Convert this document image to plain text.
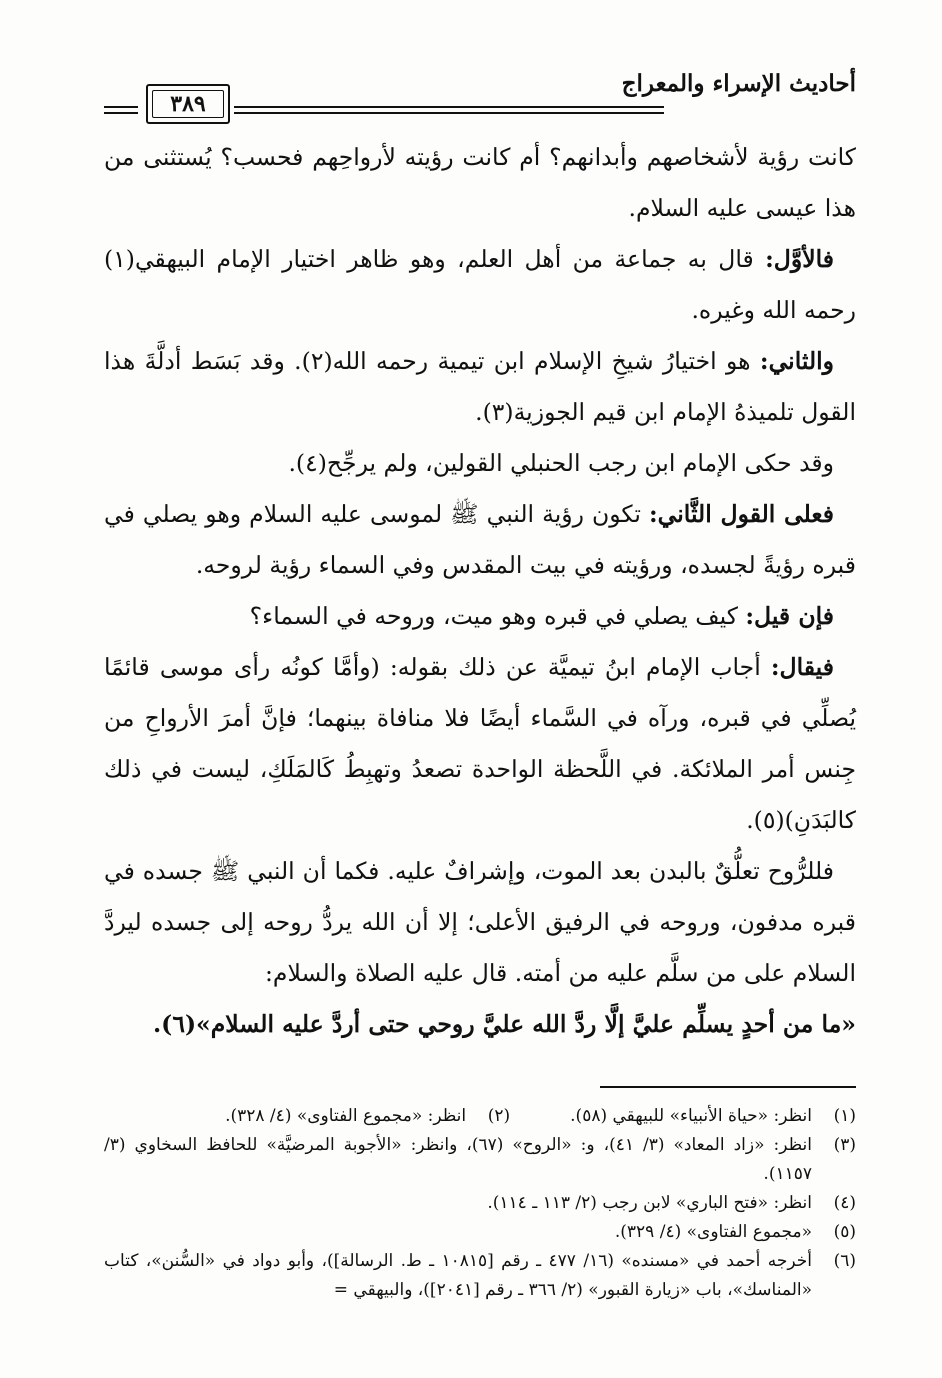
أحاديث الإسراء والمعراج
٣٨٩

كانت رؤية لأشخاصهم وأبدانهم؟ أم كانت رؤيته لأرواحِهم فحسب؟ يُستثنى من هذا عيسى عليه السلام.

فالأوَّل: قال به جماعة من أهل العلم، وهو ظاهر اختيار الإمام البيهقي(١) رحمه الله وغيره.

والثاني: هو اختيارُ شيخِ الإسلام ابن تيمية رحمه الله(٢). وقد بَسَط أدلَّةَ هذا القول تلميذهُ الإمام ابن قيم الجوزية(٣).

وقد حكى الإمام ابن رجب الحنبلي القولين، ولم يرجِّح(٤).

فعلى القول الثَّاني: تكون رؤية النبي ﷺ لموسى عليه السلام وهو يصلي في قبره رؤيةً لجسده، ورؤيته في بيت المقدس وفي السماء رؤية لروحه.

فإن قيل: كيف يصلي في قبره وهو ميت، وروحه في السماء؟

فيقال: أجاب الإمام ابنُ تيميَّة عن ذلك بقوله: (وأمَّا كونُه رأى موسى قائمًا يُصلِّي في قبره، ورآه في السَّماء أيضًا فلا منافاة بينهما؛ فإنَّ أمرَ الأرواحِ من جِنس أمر الملائكة. في اللَّحظة الواحدة تصعدُ وتهبِطُ كَالمَلَكِ، ليست في ذلك كالبَدَنِ)(٥).

فللرُّوح تعلُّقٌ بالبدن بعد الموت، وإشرافٌ عليه. فكما أن النبي ﷺ جسده في قبره مدفون، وروحه في الرفيق الأعلى؛ إلا أن الله يردُّ روحه إلى جسده ليردَّ السلام على من سلَّم عليه من أمته. قال عليه الصلاة والسلام:

«ما من أحدٍ يسلِّم عليَّ إلَّا ردَّ الله عليَّ روحي حتى أردَّ عليه السلام»(٦).

(١)
انظر: «حياة الأنبياء» للبيهقي (٥٨).
(٢)
انظر: «مجموع الفتاوى» (٤/ ٣٢٨).
(٣)
انظر: «زاد المعاد» (٣/ ٤١)، و: «الروح» (٦٧)، وانظر: «الأجوبة المرضيَّة» للحافظ السخاوي (٣/ ١١٥٧).
(٤)
انظر: «فتح الباري» لابن رجب (٢/ ١١٣ ـ ١١٤).
(٥)
«مجموع الفتاوى» (٤/ ٣٢٩).
(٦)
أخرجه أحمد في «مسنده» (١٦/ ٤٧٧ ـ رقم [١٠٨١٥ ـ ط. الرسالة])، وأبو دواد في «السُّنن»، كتاب «المناسك»، باب «زيارة القبور» (٢/ ٣٦٦ ـ رقم [٢٠٤١])، والبيهقي =
